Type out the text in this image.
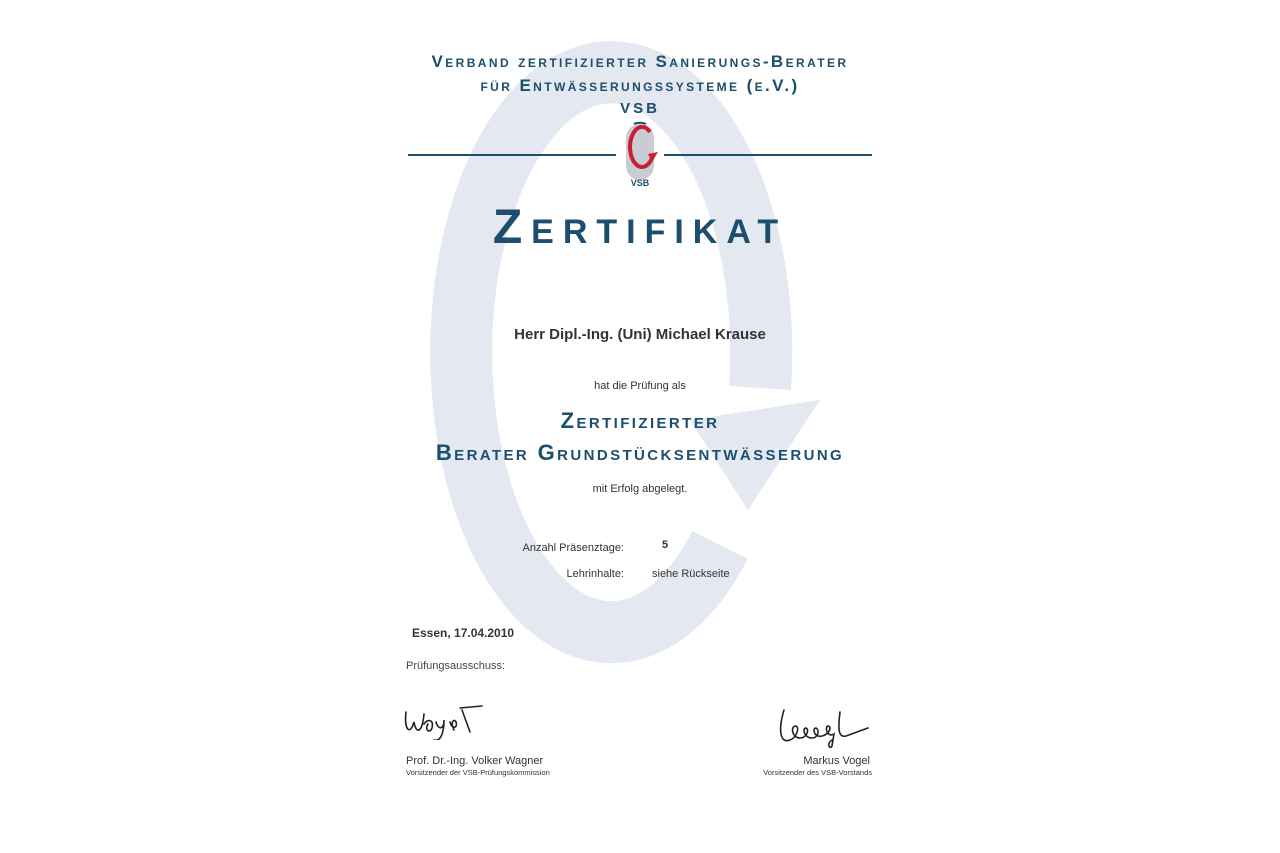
Verband zertifizierter Sanierungs-Berater
für Entwässerungssysteme (e.V.)
VSB
VSB
Zertifikat
Herr Dipl.-Ing. (Uni) Michael Krause
hat die Prüfung als
Zertifizierter
Berater Grundstücksentwässerung
mit Erfolg abgelegt.
Anzahl Präsenztage:	5
Lehrinhalte:	siehe Rückseite
Essen, 17.04.2010
Prüfungsausschuss:
Prof. Dr.-Ing. Volker Wagner
Vorsitzender der VSB-Prüfungskommission
Markus Vogel
Vorsitzender des VSB-Vorstands
